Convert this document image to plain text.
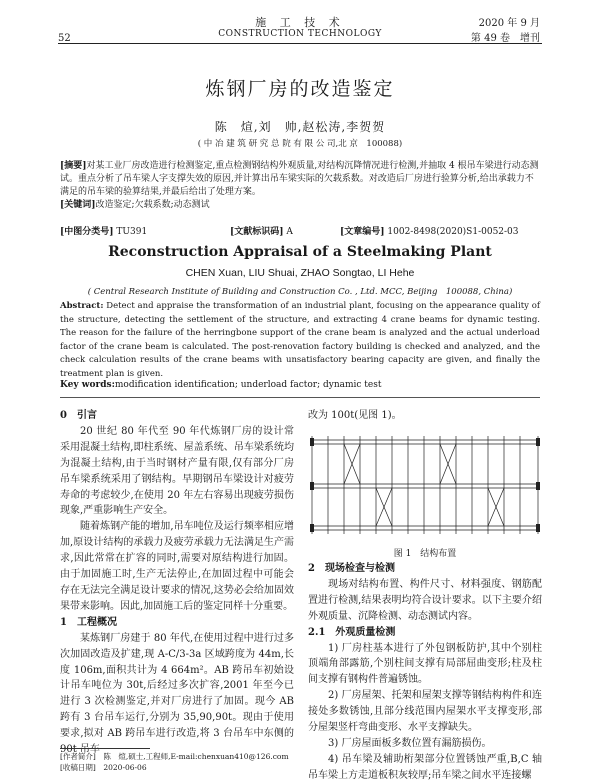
52
施 工 技 术
CONSTRUCTION TECHNOLOGY
2020 年 9 月
第 49 卷　增刊
炼钢厂房的改造鉴定
陈　煊,刘　帅,赵松涛,李贺贺
( 中 冶 建 筑 研 究 总 院 有 限 公 司,北 京　100088)
[摘要]对某工业厂房改造进行检测鉴定,重点检测钢结构外观质量,对结构沉降情况进行检测,并抽取 4 根吊车梁进行动态测试。重点分析了吊车梁人字支撑失效的原因,并计算出吊车梁实际的欠载系数。对改造后厂房进行验算分析,给出承载力不满足的吊车梁的验算结果,并最后给出了处理方案。
[关键词]改造鉴定;欠载系数;动态测试
[中图分类号] TU391	[文献标识码] A	[文章编号] 1002-8498(2020)S1-0052-03
Reconstruction Appraisal of a Steelmaking Plant
CHEN Xuan, LIU Shuai, ZHAO Songtao, LI Hehe
( Central Research Institute of Building and Construction Co. , Ltd. MCC, Beijing　100088, China)
Abstract: Detect and appraise the transformation of an industrial plant, focusing on the appearance quality of the structure, detecting the settlement of the structure, and extracting 4 crane beams for dynamic testing. The reason for the failure of the herringbone support of the crane beam is analyzed and the actual underload factor of the crane beam is calculated. The post-renovation factory building is checked and analyzed, and the check calculation results of the crane beams with unsatisfactory bearing capacity are given, and finally the treatment plan is given.
Key words:modification identification; underload factor; dynamic test
0　引言

20 世纪 80 年代至 90 年代炼钢厂房的设计常采用混凝土结构,即柱系统、屋盖系统、吊车梁系统均为混凝土结构,由于当时钢材产量有限,仅有部分厂房吊车梁系统采用了钢结构。早期钢吊车梁设计对疲劳寿命的考虑较少,在使用 20 年左右容易出现疲劳损伤现象,严重影响生产安全。

随着炼钢产能的增加,吊车吨位及运行频率相应增加,原设计结构的承载力及疲劳承载力无法满足生产需求,因此常常在扩容的同时,需要对原结构进行加固。由于加固施工时,生产无法停止,在加固过程中可能会存在无法完全满足设计要求的情况,这势必会给加固效果带来影响。因此,加固施工后的鉴定同样十分重要。

1　工程概况

某炼钢厂房建于 80 年代,在使用过程中进行过多次加固改造及扩建,现 A-C/3-3a 区域跨度为 44m,长度 106m,面积共计为 4 664m²。AB 跨吊车初始设计吊车吨位为 30t,后经过多次扩容,2001 年至今已进行 3 次检测鉴定,并对厂房进行了加固。现今 AB 跨有 3 台吊车运行,分别为 35,90,90t。现由于使用要求,拟对 AB 跨吊车进行改造,将 3 台吊车中东侧的 90t 吊车

改为 100t(见图 1)。

图 1　结构布置
2　现场检查与检测

现场对结构布置、构件尺寸、材料强度、钢筋配置进行检测,结果表明均符合设计要求。以下主要介绍外观质量、沉降检测、动态测试内容。

2.1　外观质量检测

1) 厂房柱基本进行了外包钢板防护,其中个别柱顶端角部露筋,个别柱间支撑有局部屈曲变形;柱及柱间支撑有钢构件普遍锈蚀。

2) 厂房屋架、托架和屋架支撑等钢结构构件和连接处多数锈蚀,且部分线范围内屋架水平支撑变形,部分屋架竖杆弯曲变形、水平支撑缺失。

3) 厂房屋面板多数位置有漏筋损伤。

4) 吊车梁及辅助桁架部分位置锈蚀严重,B,C 轴吊车梁上方走道板积灰较厚;吊车梁之间水平连接螺

[作者简介]　陈　煊,硕士,工程师,E-mail:chenxuan410@126.com
[收稿日期]　2020-06-06
